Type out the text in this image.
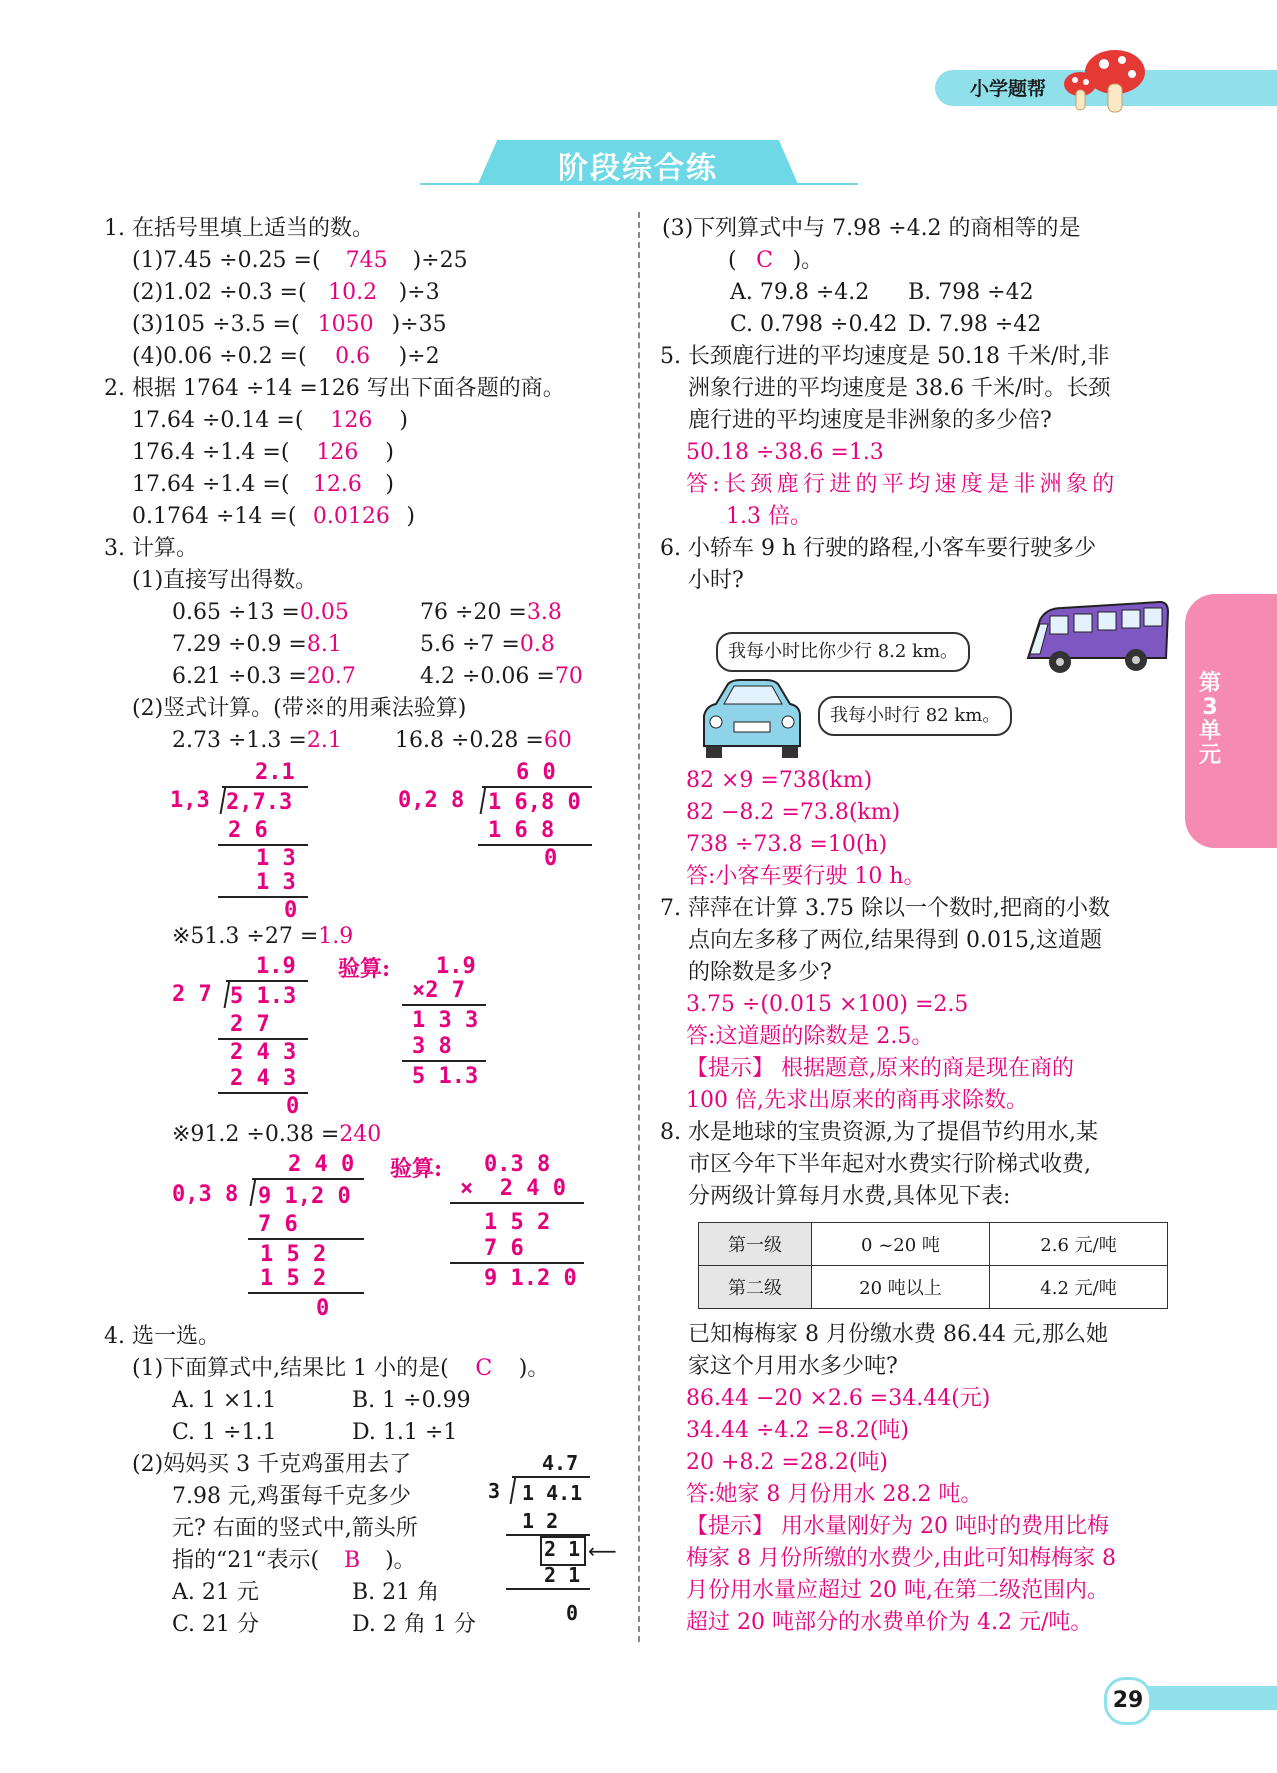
小学题帮
阶段综合练
第3单元
1. 在括号里填上适当的数。
(1)7.45 ÷0.25 =( 745 )÷25
(2)1.02 ÷0.3 =( 10.2 )÷3
(3)105 ÷3.5 =( 1050 )÷35
(4)0.06 ÷0.2 =( 0.6 )÷2
2. 根据 1764 ÷14 =126 写出下面各题的商。
17.64 ÷0.14 =( 126 )
176.4 ÷1.4 =( 126 )
17.64 ÷1.4 =( 12.6 )
0.1764 ÷14 =( 0.0126 )
3. 计算。
(1)直接写出得数。
0.65 ÷13 =0.05	76 ÷20 =3.8
7.29 ÷0.9 =8.1	5.6 ÷7 =0.8
6.21 ÷0.3 =20.7	4.2 ÷0.06 =70
(2)竖式计算。(带※的用乘法验算)
2.73 ÷1.3 =2.1 16.8 ÷0.28 =60
2.1
1,3 2,7.3
2 6
1 3
1 3
0
6 0
0,2 8 1 6,8 0
1 6 8
0
※51.3 ÷27 =1.9
1.9
2 7 5 1.3
2 7
2 4 3
2 4 3
0
验算: 1.9
×2 7
1 3 3
3 8
5 1.3
※91.2 ÷0.38 =240
2 4 0
0,3 8 9 1,2 0
7 6
1 5 2
1 5 2
0
验算: 0.3 8
×  2 4 0
1 5 2
7 6
9 1.2 0
4. 选一选。
(1)下面算式中,结果比 1 小的是( C )。
A. 1 ×1.1	B. 1 ÷0.99
C. 1 ÷1.1	D. 1.1 ÷1
(2)妈妈买 3 千克鸡蛋用去了
7.98 元,鸡蛋每千克多少
元? 右面的竖式中,箭头所
指的“21“表示( B )。
A. 21 元	B. 21 角
C. 21 分	D. 2 角 1 分
4.7
3 1 4.1
1 2
2 1 ⟵
2 1
0
(3)下列算式中与 7.98 ÷4.2 的商相等的是
( C )。
A. 79.8 ÷4.2 B. 798 ÷42
C. 0.798 ÷0.42 D. 7.98 ÷42
5. 长颈鹿行进的平均速度是 50.18 千米/时,非
洲象行进的平均速度是 38.6 千米/时。长颈
鹿行进的平均速度是非洲象的多少倍?
50.18 ÷38.6 =1.3
答:长颈鹿行进的平均速度是非洲象的
1.3 倍。
6. 小轿车 9 h 行驶的路程,小客车要行驶多少
小时?
我每小时比你少行 8.2 km。
我每小时行 82 km。
82 ×9 =738(km)
82 −8.2 =73.8(km)
738 ÷73.8 =10(h)
答:小客车要行驶 10 h。
7. 萍萍在计算 3.75 除以一个数时,把商的小数
点向左多移了两位,结果得到 0.015,这道题
的除数是多少?
3.75 ÷(0.015 ×100) =2.5
答:这道题的除数是 2.5。
【提示】 根据题意,原来的商是现在商的
100 倍,先求出原来的商再求除数。
8. 水是地球的宝贵资源,为了提倡节约用水,某
市区今年下半年起对水费实行阶梯式收费,
分两级计算每月水费,具体见下表:
第一级	0 ~20 吨	2.6 元/吨
第二级	20 吨以上	4.2 元/吨
已知梅梅家 8 月份缴水费 86.44 元,那么她
家这个月用水多少吨?
86.44 −20 ×2.6 =34.44(元)
34.44 ÷4.2 =8.2(吨)
20 +8.2 =28.2(吨)
答:她家 8 月份用水 28.2 吨。
【提示】 用水量刚好为 20 吨时的费用比梅
梅家 8 月份所缴的水费少,由此可知梅梅家 8
月份用水量应超过 20 吨,在第二级范围内。
超过 20 吨部分的水费单价为 4.2 元/吨。
29
